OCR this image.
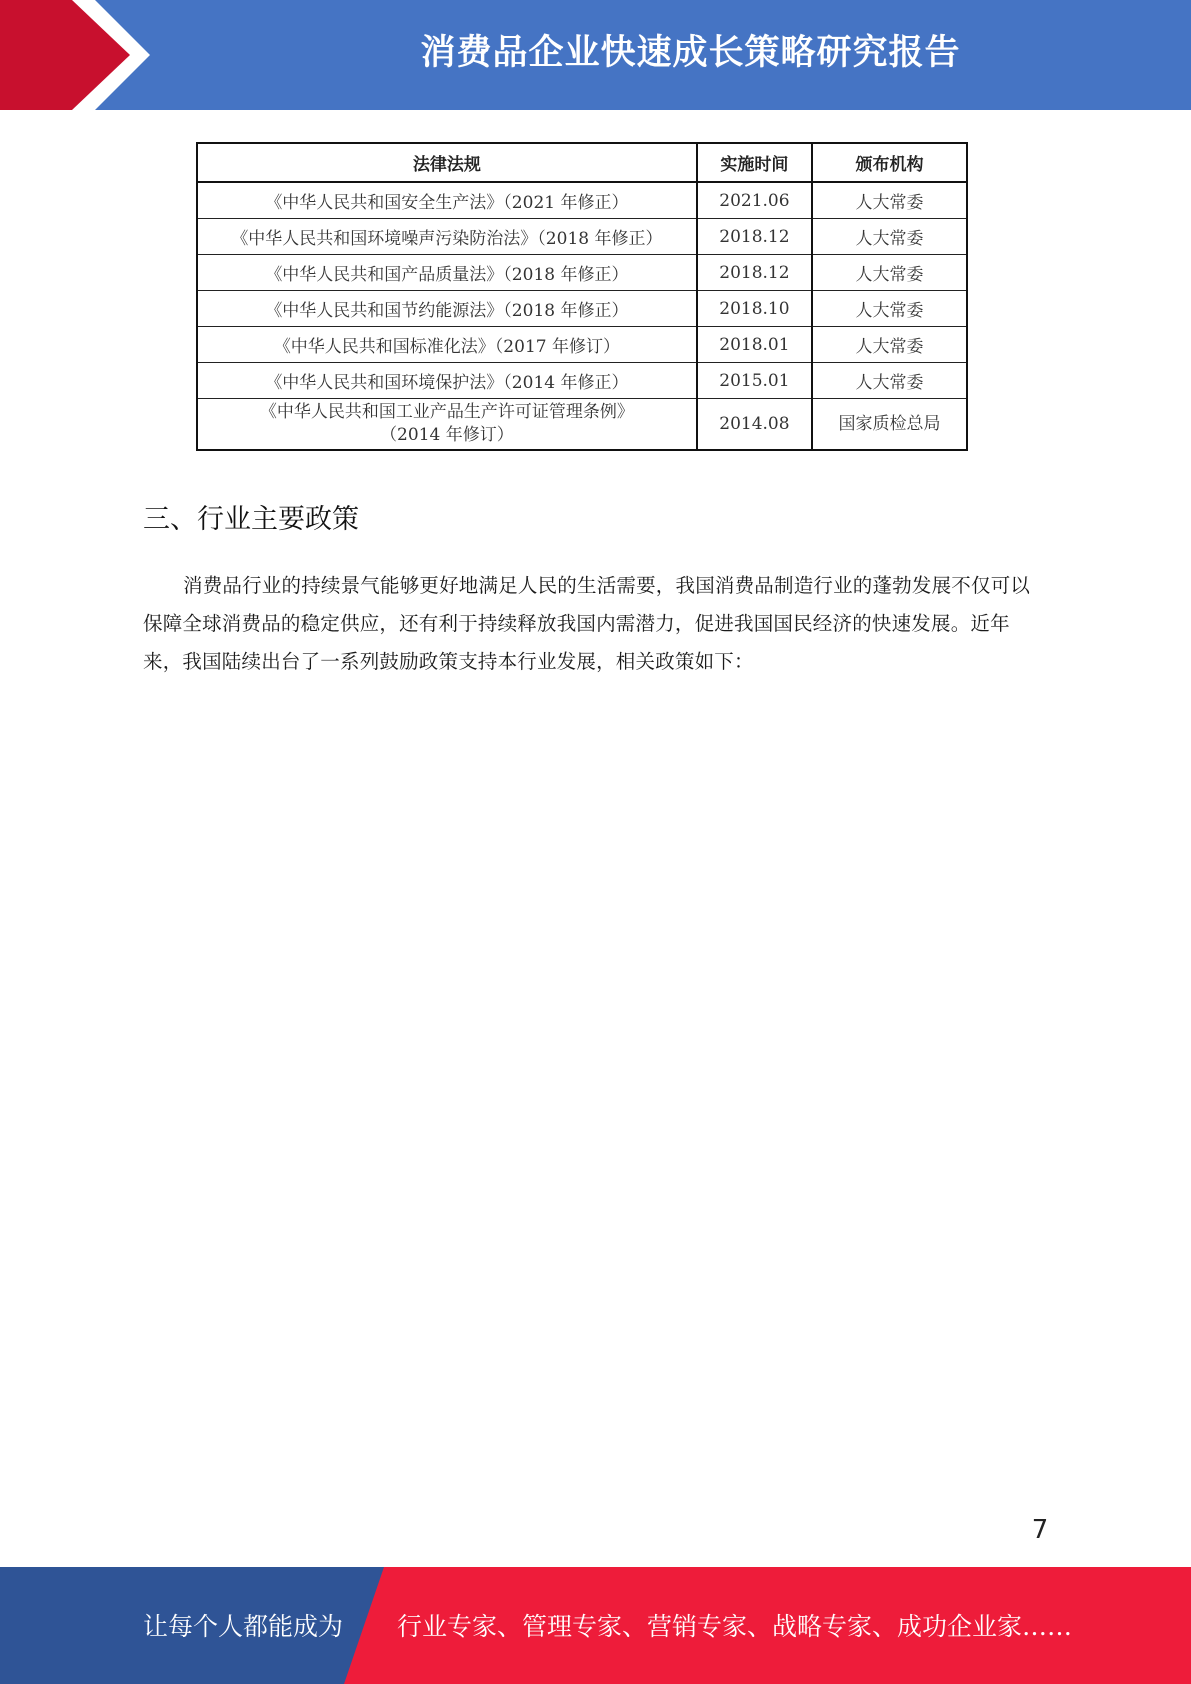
消费品企业快速成长策略研究报告
法律法规	实施时间	颁布机构
《中华人民共和国安全生产法》（2021 年修正）	2021.06	人大常委
《中华人民共和国环境噪声污染防治法》（2018 年修正）	2018.12	人大常委
《中华人民共和国产品质量法》（2018 年修正）	2018.12	人大常委
《中华人民共和国节约能源法》（2018 年修正）	2018.10	人大常委
《中华人民共和国标准化法》（2017 年修订）	2018.01	人大常委
《中华人民共和国环境保护法》（2014 年修正）	2015.01	人大常委
《中华人民共和国工业产品生产许可证管理条例》
（2014 年修订）	2014.08	国家质检总局
三、行业主要政策

消费品行业的持续景气能够更好地满足人民的生活需要，我国消费品制造行业的蓬勃发展不仅可以保障全球消费品的稳定供应，还有利于持续释放我国内需潜力，促进我国国民经济的快速发展。近年来，我国陆续出台了一系列鼓励政策支持本行业发展，相关政策如下：

7
让每个人都能成为 行业专家、管理专家、营销专家、战略专家、成功企业家……
